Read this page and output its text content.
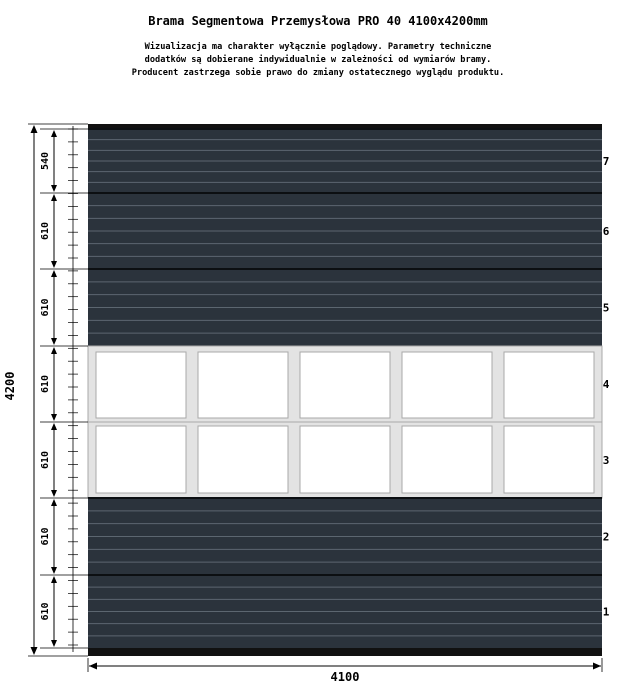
Brama Segmentowa Przemysłowa PRO 40 4100x4200mm
Wizualizacja ma charakter wyłącznie poglądowy. Parametry techniczne
dodatków są dobierane indywidualnie w zależności od wymiarów bramy.
Producent zastrzega sobie prawo do zmiany ostatecznego wyglądu produktu.
540
610
610
610
610
610
610
4200
4100
7
6
5
4
3
2
1
